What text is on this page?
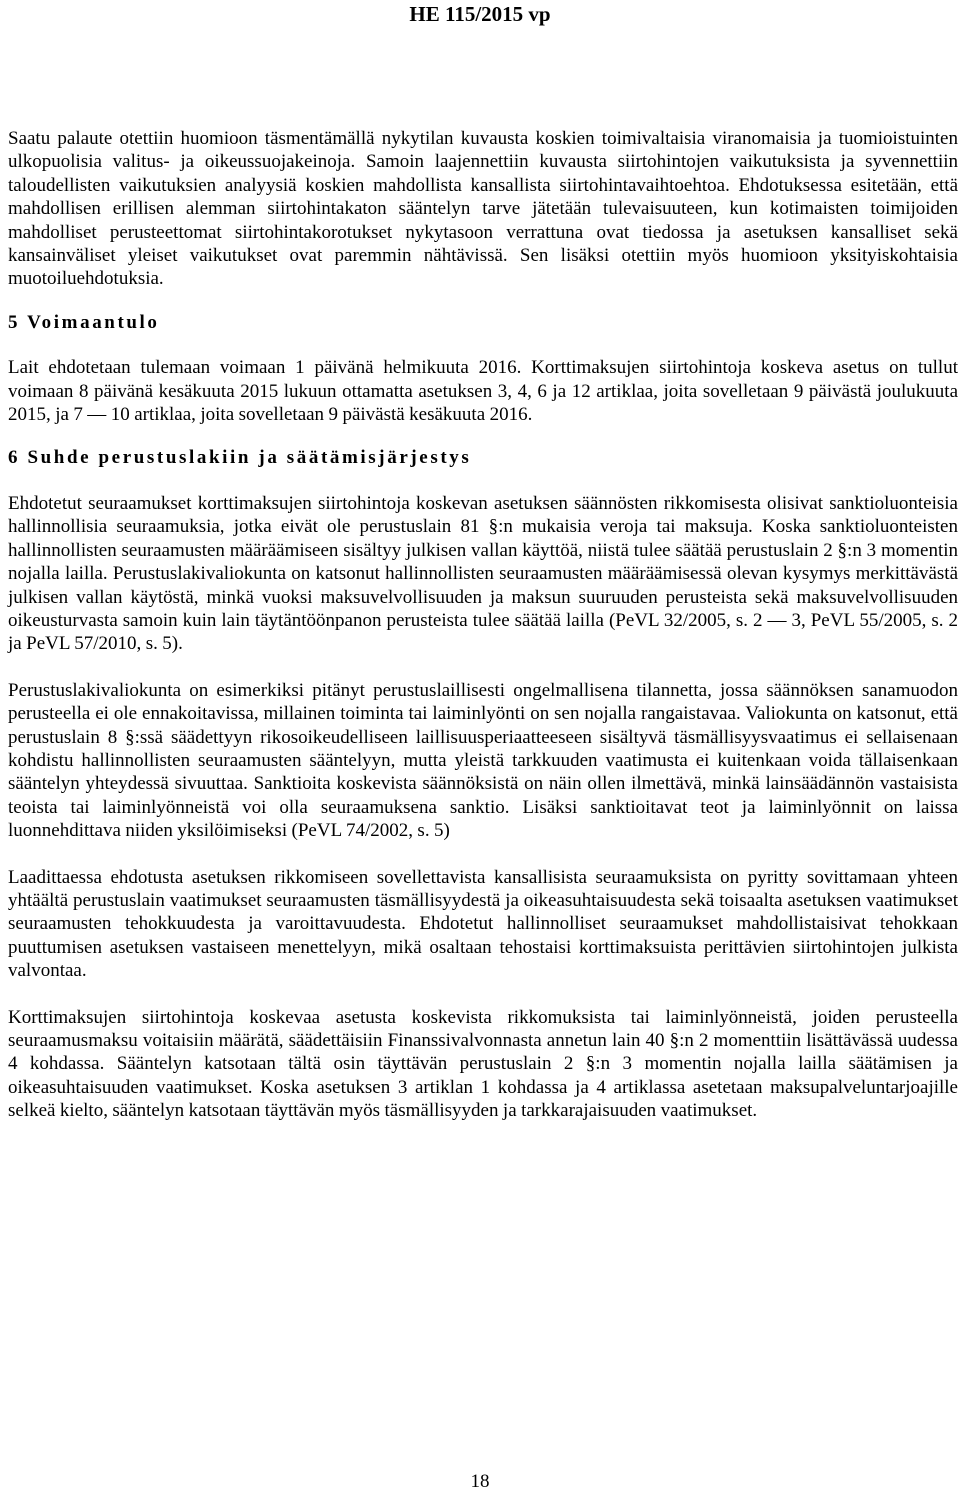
HE 115/2015 vp

Saatu palaute otettiin huomioon täsmentämällä nykytilan kuvausta koskien toimivaltaisia viranomaisia ja tuomioistuinten ulkopuolisia valitus- ja oikeussuojakeinoja. Samoin laajennettiin kuvausta siirtohintojen vaikutuksista ja syvennettiin taloudellisten vaikutuksien analyysiä koskien mahdollista kansallista siirtohintavaihtoehtoa. Ehdotuksessa esitetään, että mahdollisen erillisen alemman siirtohintakaton sääntelyn tarve jätetään tulevaisuuteen, kun kotimaisten toimijoiden mahdolliset perusteettomat siirtohintakorotukset nykytasoon verrattuna ovat tiedossa ja asetuksen kansalliset sekä kansainväliset yleiset vaikutukset ovat paremmin nähtävissä. Sen lisäksi otettiin myös huomioon yksityiskohtaisia muotoiluehdotuksia.

5 Voimaantulo

Lait ehdotetaan tulemaan voimaan 1 päivänä helmikuuta 2016. Korttimaksujen siirtohintoja koskeva asetus on tullut voimaan 8 päivänä kesäkuuta 2015 lukuun ottamatta asetuksen 3, 4, 6 ja 12 artiklaa, joita sovelletaan 9 päivästä joulukuuta 2015, ja 7 — 10 artiklaa, joita sovelletaan 9 päivästä kesäkuuta 2016.

6 Suhde perustuslakiin ja säätämisjärjestys

Ehdotetut seuraamukset korttimaksujen siirtohintoja koskevan asetuksen säännösten rikkomisesta olisivat sanktioluonteisia hallinnollisia seuraamuksia, jotka eivät ole perustuslain 81 §:n mukaisia veroja tai maksuja. Koska sanktioluonteisten hallinnollisten seuraamusten määräämiseen sisältyy julkisen vallan käyttöä, niistä tulee säätää perustuslain 2 §:n 3 momentin nojalla lailla. Perustuslakivaliokunta on katsonut hallinnollisten seuraamusten määräämisessä olevan kysymys merkittävästä julkisen vallan käytöstä, minkä vuoksi maksuvelvollisuuden ja maksun suuruuden perusteista sekä maksuvelvollisuuden oikeusturvasta samoin kuin lain täytäntöönpanon perusteista tulee säätää lailla (PeVL 32/2005, s. 2 — 3, PeVL 55/2005, s. 2 ja PeVL 57/2010, s. 5).

Perustuslakivaliokunta on esimerkiksi pitänyt perustuslaillisesti ongelmallisena tilannetta, jossa säännöksen sanamuodon perusteella ei ole ennakoitavissa, millainen toiminta tai laiminlyönti on sen nojalla rangaistavaa. Valiokunta on katsonut, että perustuslain 8 §:ssä säädettyyn rikosoikeudelliseen laillisuusperiaatteeseen sisältyvä täsmällisyysvaatimus ei sellaisenaan kohdistu hallinnollisten seuraamusten sääntelyyn, mutta yleistä tarkkuuden vaatimusta ei kuitenkaan voida tällaisenkaan sääntelyn yhteydessä sivuuttaa. Sanktioita koskevista säännöksistä on näin ollen ilmettävä, minkä lainsäädännön vastaisista teoista tai laiminlyönneistä voi olla seuraamuksena sanktio. Lisäksi sanktioitavat teot ja laiminlyönnit on laissa luonnehdittava niiden yksilöimiseksi (PeVL 74/2002, s. 5)

Laadittaessa ehdotusta asetuksen rikkomiseen sovellettavista kansallisista seuraamuksista on pyritty sovittamaan yhteen yhtäältä perustuslain vaatimukset seuraamusten täsmällisyydestä ja oikeasuhtaisuudesta sekä toisaalta asetuksen vaatimukset seuraamusten tehokkuudesta ja varoittavuudesta. Ehdotetut hallinnolliset seuraamukset mahdollistaisivat tehokkaan puuttumisen asetuksen vastaiseen menettelyyn, mikä osaltaan tehostaisi korttimaksuista perittävien siirtohintojen julkista valvontaa.

Korttimaksujen siirtohintoja koskevaa asetusta koskevista rikkomuksista tai laiminlyönneistä, joiden perusteella seuraamusmaksu voitaisiin määrätä, säädettäisiin Finanssivalvonnasta annetun lain 40 §:n 2 momenttiin lisättävässä uudessa 4 kohdassa. Sääntelyn katsotaan tältä osin täyttävän perustuslain 2 §:n 3 momentin nojalla lailla säätämisen ja oikeasuhtaisuuden vaatimukset. Koska asetuksen 3 artiklan 1 kohdassa ja 4 artiklassa asetetaan maksupalveluntarjoajille selkeä kielto, sääntelyn katsotaan täyttävän myös täsmällisyyden ja tarkkarajaisuuden vaatimukset.

18
